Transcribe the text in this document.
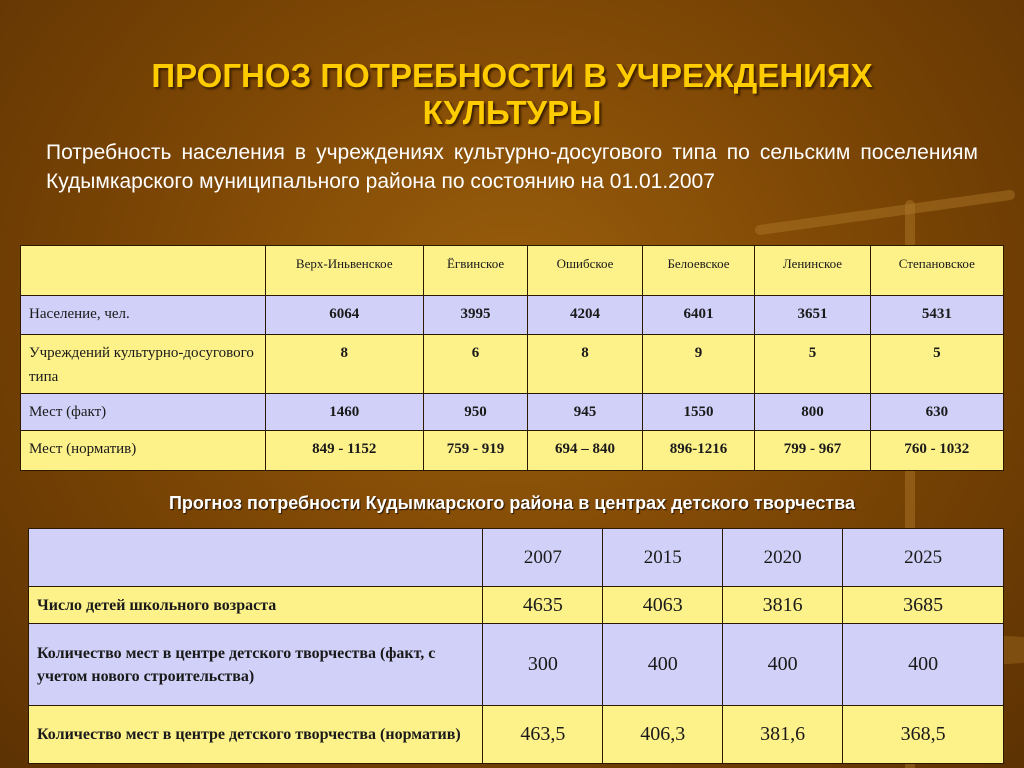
ПРОГНОЗ ПОТРЕБНОСТИ В УЧРЕЖДЕНИЯХ
КУЛЬТУРЫ
Потребность населения в учреждениях культурно-досугового типа по сельским поселениям Кудымкарского муниципального района по состоянию на 01.01.2007
	Верх-Иньвенское	Ёгвинское	Ошибское	Белоевское	Ленинское	Степановское
Население, чел.	6064	3995	4204	6401	3651	5431
Учреждений культурно-досугового типа	8	6	8	9	5	5
Мест (факт)	1460	950	945	1550	800	630
Мест (норматив)	849 - 1152	759 - 919	694 – 840	896-1216	799 - 967	760 - 1032
Прогноз потребности Кудымкарского района в центрах детского творчества
	2007	2015	2020	2025
Число детей школьного возраста	4635	4063	3816	3685
Количество мест в центре детского творчества (факт, с учетом нового строительства)	300	400	400	400
Количество мест в центре детского творчества (норматив)	463,5	406,3	381,6	368,5
